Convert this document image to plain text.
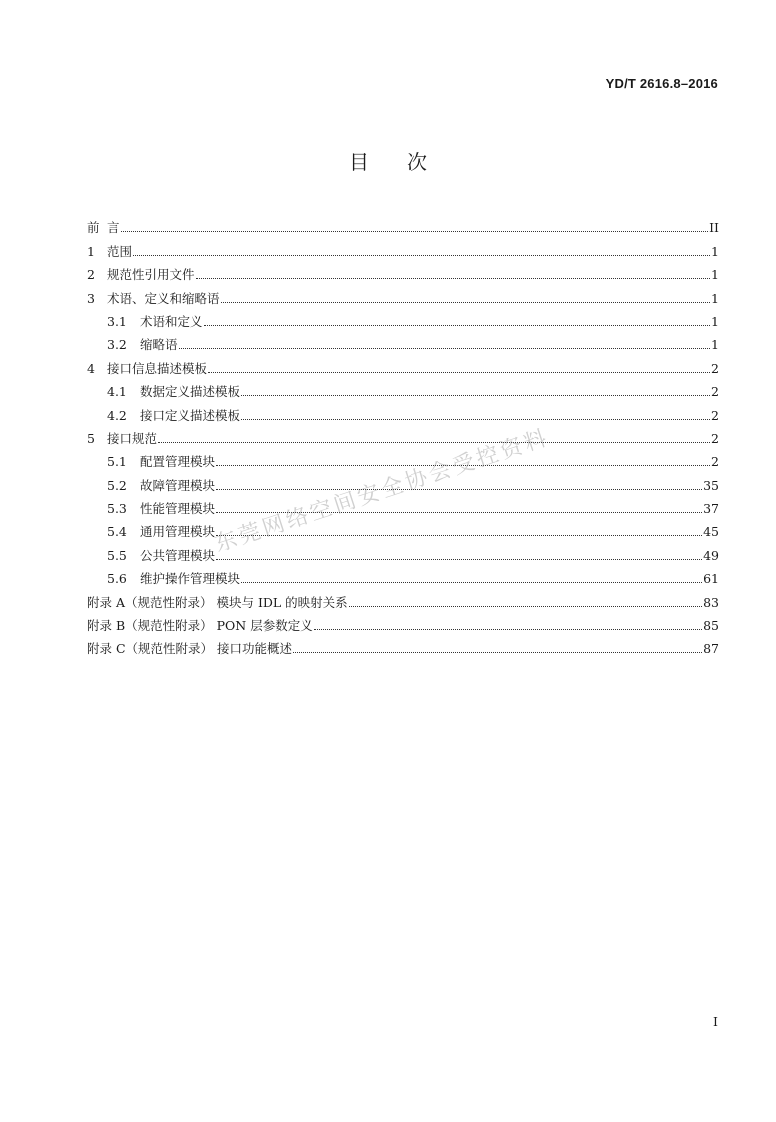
YD/T 2616.8–2016
目次
前 言	II
1 范围	1
2 规范性引用文件	1
3 术语、定义和缩略语	1
3.1	术语和定义	1
3.2	缩略语	1
4 接口信息描述模板	2
4.1	数据定义描述模板	2
4.2	接口定义描述模板	2
5 接口规范	2
5.1	配置管理模块	2
5.2	故障管理模块	35
5.3	性能管理模块	37
5.4	通用管理模块	45
5.5	公共管理模块	49
5.6	维护操作管理模块	61
附录 A（规范性附录） 模块与 IDL 的映射关系	83
附录 B（规范性附录） PON 层参数定义	85
附录 C（规范性附录） 接口功能概述	87
东莞网络空间安全协会受控资料
I
